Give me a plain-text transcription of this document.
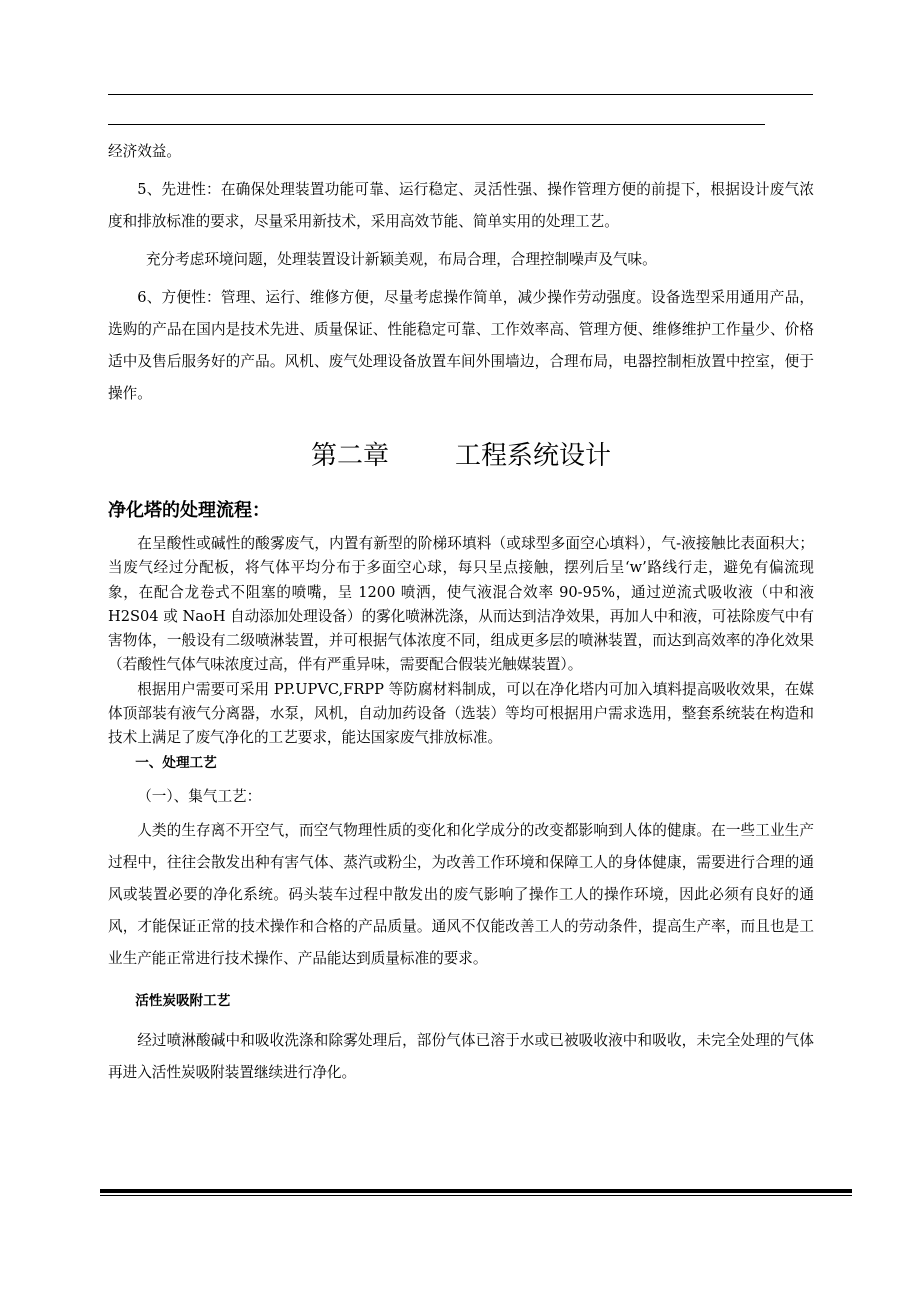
经济效益。

5、先进性：在确保处理装置功能可靠、运行稳定、灵活性强、操作管理方便的前提下，根据设计废气浓度和排放标准的要求，尽量采用新技术，采用高效节能、简单实用的处理工艺。

充分考虑环境问题，处理装置设计新颖美观，布局合理，合理控制噪声及气味。

6、方便性：管理、运行、维修方便，尽量考虑操作简单，减少操作劳动强度。设备选型采用通用产品，选购的产品在国内是技术先进、质量保证、性能稳定可靠、工作效率高、管理方便、维修维护工作量少、价格适中及售后服务好的产品。风机、废气处理设备放置车间外围墙边，合理布局，电器控制柜放置中控室，便于操作。

第二章        工程系统设计
净化塔的处理流程：

在呈酸性或碱性的酸雾废气，内置有新型的阶梯环填料（或球型多面空心填料），气-液接触比表面积大；当废气经过分配板，将气体平均分布于多面空心球，每只呈点接触，摆列后呈‘w’路线行走，避免有偏流现象，在配合龙卷式不阻塞的喷嘴，呈 1200 喷洒，使气液混合效率 90-95%，通过逆流式吸收液（中和液 H2S04 或 NaoH 自动添加处理设备）的雾化喷淋洗涤，从而达到洁净效果，再加人中和液，可祛除废气中有害物体，一般设有二级喷淋装置，并可根据气体浓度不同，组成更多层的喷淋装置，而达到高效率的净化效果（若酸性气体气味浓度过高，伴有严重异味，需要配合假装光触媒装置）。

根据用户需要可采用 PP.UPVC,FRPP 等防腐材料制成，可以在净化塔内可加入填料提高吸收效果，在媒体顶部装有液气分离器，水泵，风机，自动加药设备（选装）等均可根据用户需求选用，整套系统装在构造和技术上满足了废气净化的工艺要求，能达国家废气排放标准。

一、处理工艺

（一）、集气工艺：

人类的生存离不开空气，而空气物理性质的变化和化学成分的改变都影响到人体的健康。在一些工业生产过程中，往往会散发出种有害气体、蒸汽或粉尘，为改善工作环境和保障工人的身体健康，需要进行合理的通风或装置必要的净化系统。码头装车过程中散发出的废气影响了操作工人的操作环境，因此必须有良好的通风，才能保证正常的技术操作和合格的产品质量。通风不仅能改善工人的劳动条件，提高生产率，而且也是工业生产能正常进行技术操作、产品能达到质量标准的要求。

活性炭吸附工艺

经过喷淋酸碱中和吸收洗涤和除雾处理后，部份气体已溶于水或已被吸收液中和吸收，未完全处理的气体再进入活性炭吸附装置继续进行净化。
